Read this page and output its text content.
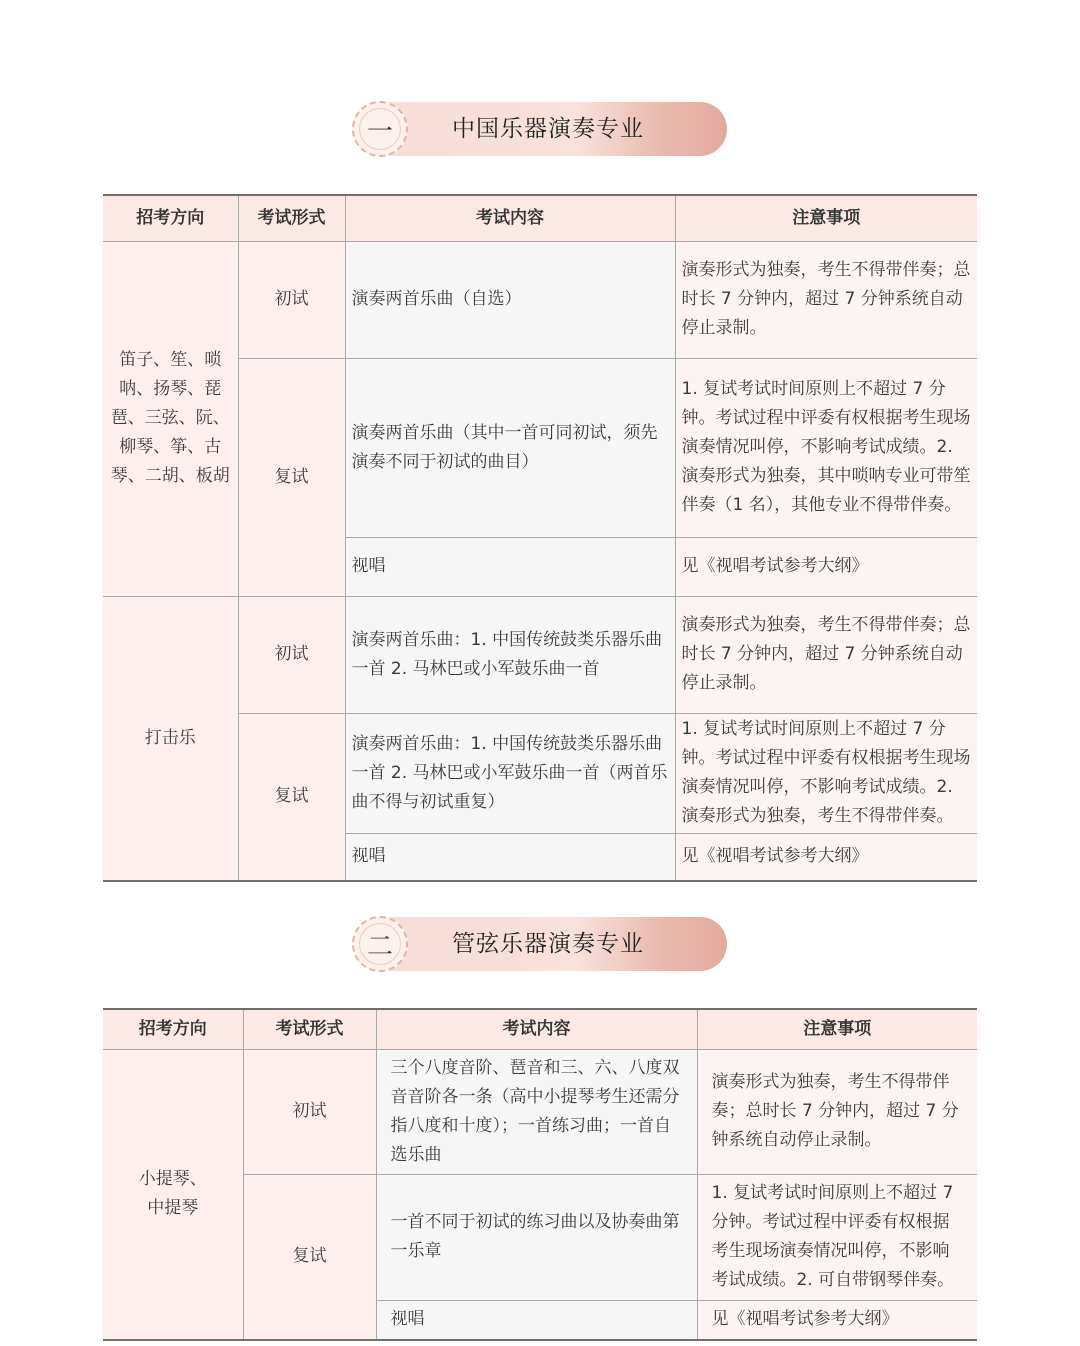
一	中国乐器演奏专业
招考方向	考试形式	考试内容	注意事项
笛子、笙、唢呐、扬琴、琵琶、三弦、阮、柳琴、筝、古琴、二胡、板胡	初试	演奏两首乐曲（自选）	演奏形式为独奏，考生不得带伴奏；总时长 7 分钟内，超过 7 分钟系统自动停止录制。
	复试	演奏两首乐曲（其中一首可同初试，须先演奏不同于初试的曲目）	1. 复试考试时间原则上不超过 7 分钟。考试过程中评委有权根据考生现场演奏情况叫停，不影响考试成绩。2. 演奏形式为独奏，其中唢呐专业可带笙伴奏（1 名），其他专业不得带伴奏。
		视唱	见《视唱考试参考大纲》
打击乐	初试	演奏两首乐曲：1. 中国传统鼓类乐器乐曲一首 2. 马林巴或小军鼓乐曲一首	演奏形式为独奏，考生不得带伴奏；总时长 7 分钟内，超过 7 分钟系统自动停止录制。
	复试	演奏两首乐曲：1. 中国传统鼓类乐器乐曲一首 2. 马林巴或小军鼓乐曲一首（两首乐曲不得与初试重复）	1. 复试考试时间原则上不超过 7 分钟。考试过程中评委有权根据考生现场演奏情况叫停，不影响考试成绩。2. 演奏形式为独奏，考生不得带伴奏。
		视唱	见《视唱考试参考大纲》
二	管弦乐器演奏专业
招考方向	考试形式	考试内容	注意事项
小提琴、中提琴	初试	三个八度音阶、琶音和三、六、八度双音音阶各一条（高中小提琴考生还需分指八度和十度）；一首练习曲；一首自选乐曲	演奏形式为独奏，考生不得带伴奏；总时长 7 分钟内，超过 7 分钟系统自动停止录制。
	复试	一首不同于初试的练习曲以及协奏曲第一乐章	1. 复试考试时间原则上不超过 7 分钟。考试过程中评委有权根据考生现场演奏情况叫停，不影响考试成绩。2. 可自带钢琴伴奏。
		视唱	见《视唱考试参考大纲》
